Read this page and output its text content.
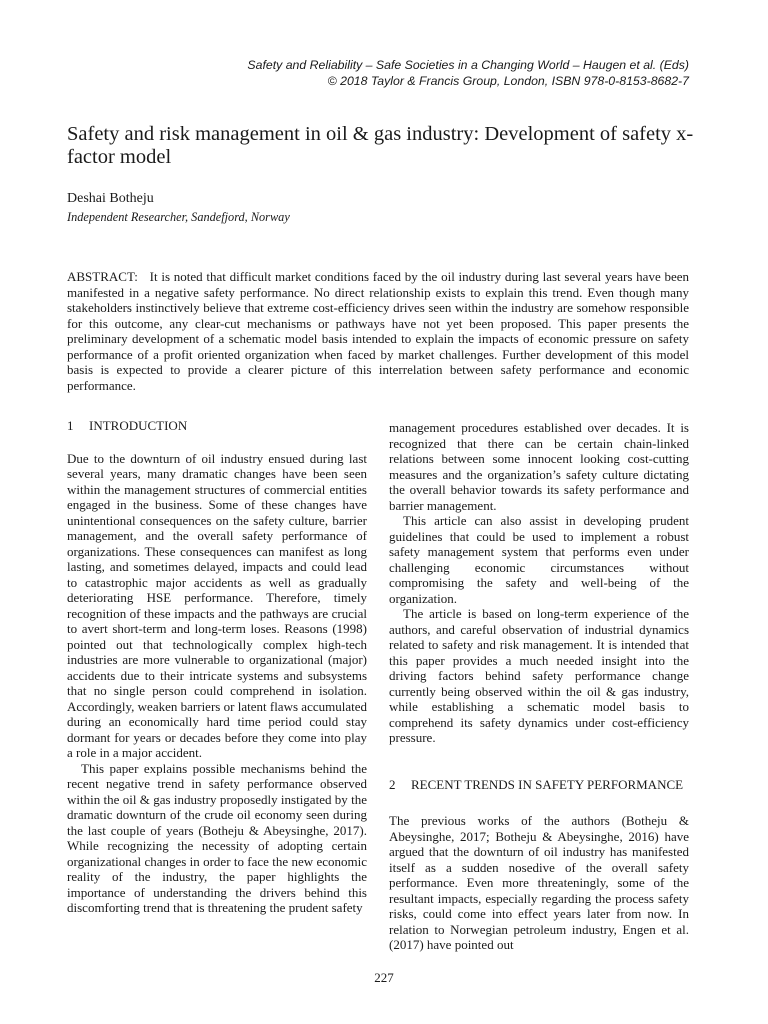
Safety and Reliability – Safe Societies in a Changing World – Haugen et al. (Eds)
© 2018 Taylor & Francis Group, London, ISBN 978-0-8153-8682-7
Safety and risk management in oil & gas industry: Development of safety x-factor model
Deshai Botheju
Independent Researcher, Sandefjord, Norway

ABSTRACT: It is noted that difficult market conditions faced by the oil industry during last several years have been manifested in a negative safety performance. No direct relationship exists to explain this trend. Even though many stakeholders instinctively believe that extreme cost-efficiency drives seen within the industry are somehow responsible for this outcome, any clear-cut mechanisms or pathways have not yet been proposed. This paper presents the preliminary development of a schematic model basis intended to explain the impacts of economic pressure on safety performance of a profit oriented organization when faced by market challenges. Further development of this model basis is expected to provide a clearer picture of this interrelation between safety performance and economic performance.

1 INTRODUCTION

Due to the downturn of oil industry ensued during last several years, many dramatic changes have been seen within the management structures of commercial entities engaged in the business. Some of these changes have unintentional consequences on the safety culture, barrier management, and the overall safety performance of organizations. These consequences can manifest as long lasting, and sometimes delayed, impacts and could lead to catastrophic major accidents as well as gradually deteriorating HSE performance. Therefore, timely recognition of these impacts and the pathways are crucial to avert short-term and long-term loses. Reasons (1998) pointed out that technologically complex high-tech industries are more vulnerable to organizational (major) accidents due to their intricate systems and subsystems that no single person could comprehend in isolation. Accordingly, weaken barriers or latent flaws accumulated during an economically hard time period could stay dormant for years or decades before they come into play a role in a major accident.

This paper explains possible mechanisms behind the recent negative trend in safety performance observed within the oil & gas industry proposedly instigated by the dramatic downturn of the crude oil economy seen during the last couple of years (Botheju & Abeysinghe, 2017). While recognizing the necessity of adopting certain organizational changes in order to face the new economic reality of the industry, the paper highlights the importance of understanding the drivers behind this discomforting trend that is threatening the prudent safety

management procedures established over decades. It is recognized that there can be certain chain-linked relations between some innocent looking cost-cutting measures and the organization’s safety culture dictating the overall behavior towards its safety performance and barrier management.

This article can also assist in developing prudent guidelines that could be used to implement a robust safety management system that performs even under challenging economic circumstances without compromising the safety and well-being of the organization.

The article is based on long-term experience of the authors, and careful observation of industrial dynamics related to safety and risk management. It is intended that this paper provides a much needed insight into the driving factors behind safety performance change currently being observed within the oil & gas industry, while establishing a schematic model basis to comprehend its safety dynamics under cost-efficiency pressure.

2	RECENT TRENDS IN SAFETY PERFORMANCE

The previous works of the authors (Botheju & Abeysinghe, 2017; Botheju & Abeysinghe, 2016) have argued that the downturn of oil industry has manifested itself as a sudden nosedive of the overall safety performance. Even more threateningly, some of the resultant impacts, especially regarding the process safety risks, could come into effect years later from now. In relation to Norwegian petroleum industry, Engen et al. (2017) have pointed out

227
